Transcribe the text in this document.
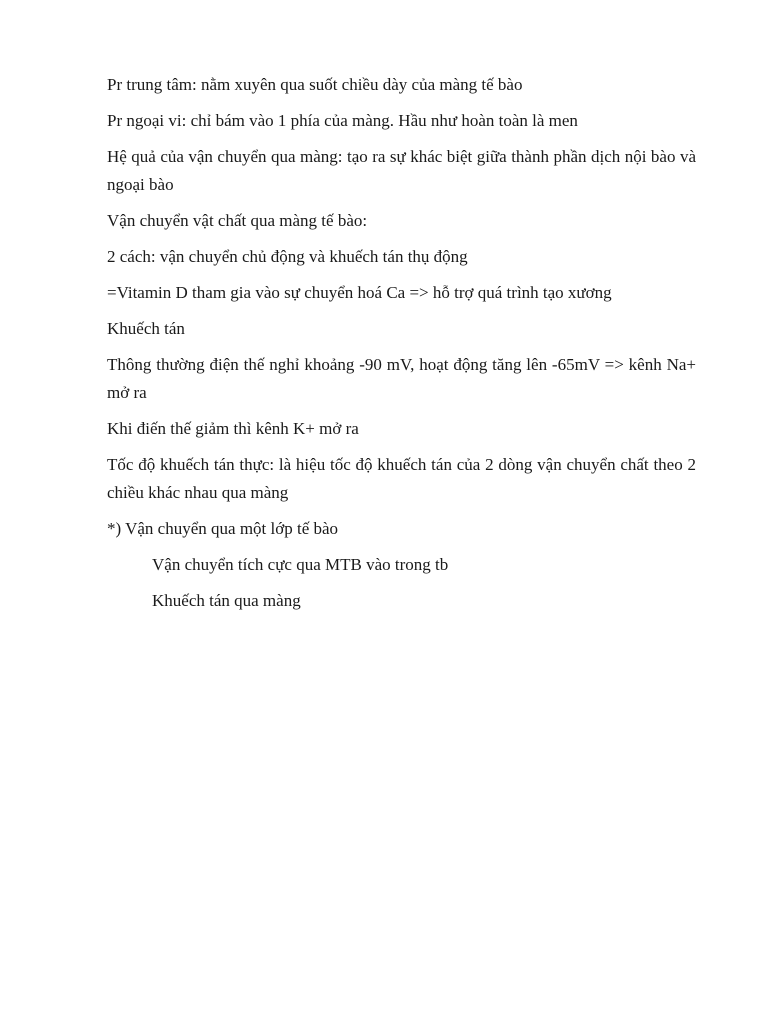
Pr trung tâm: nằm xuyên qua suốt chiều dày của màng tế bào

Pr ngoại vi: chỉ bám vào 1 phía của màng. Hầu như hoàn toàn là men

Hệ quả của vận chuyển qua màng: tạo ra sự khác biệt giữa thành phần dịch nội bào và ngoại bào

Vận chuyển vật chất qua màng tế bào:

2 cách: vận chuyển chủ động và khuếch tán thụ động

=Vitamin D tham gia vào sự chuyển hoá Ca => hỗ trợ quá trình tạo xương

Khuếch tán

Thông thường điện thế nghỉ khoảng -90 mV, hoạt động tăng lên -65mV => kênh Na+ mở ra

Khi điến thế giảm thì kênh K+ mở ra

Tốc độ khuếch tán thực: là hiệu tốc độ khuếch tán của 2 dòng vận chuyển chất theo 2 chiều khác nhau qua màng

*) Vận chuyển qua một lớp tế bào

Vận chuyển tích cực qua MTB vào trong tb

Khuếch tán qua màng
